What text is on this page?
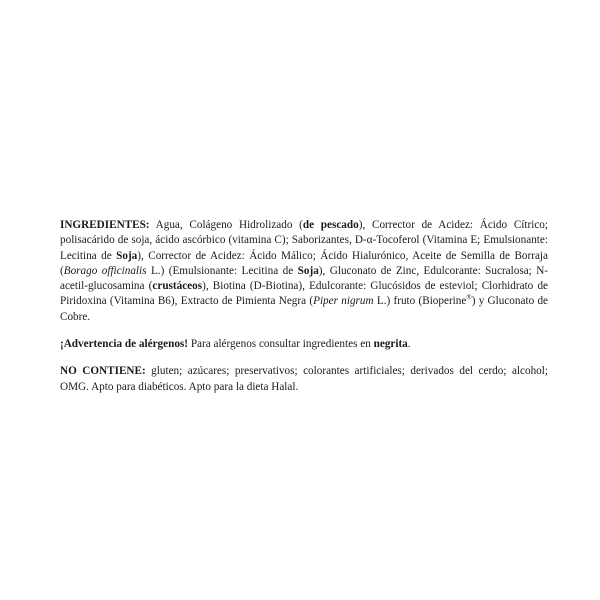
INGREDIENTES: Agua, Colágeno Hidrolizado (de pescado), Corrector de Acidez: Ácido Cítrico; polisacárido de soja, ácido ascórbico (vitamina C); Saborizantes, D-α-Tocoferol (Vitamina E; Emulsionante: Lecitina de Soja), Corrector de Acidez: Ácido Málico; Ácido Hialurónico, Aceite de Semilla de Borraja (Borago officinalis L.) (Emulsionante: Lecitina de Soja), Gluconato de Zinc, Edulcorante: Sucralosa; N-acetil-glucosamina (crustáceos), Biotina (D-Biotina), Edulcorante: Glucósidos de esteviol; Clorhidrato de Piridoxina (Vitamina B6), Extracto de Pimienta Negra (Piper nigrum L.) fruto (Bioperine®) y Gluconato de Cobre.

¡Advertencia de alérgenos! Para alérgenos consultar ingredientes en negrita.

NO CONTIENE: gluten; azúcares; preservativos; colorantes artificiales; derivados del cerdo; alcohol; OMG. Apto para diabéticos. Apto para la dieta Halal.
